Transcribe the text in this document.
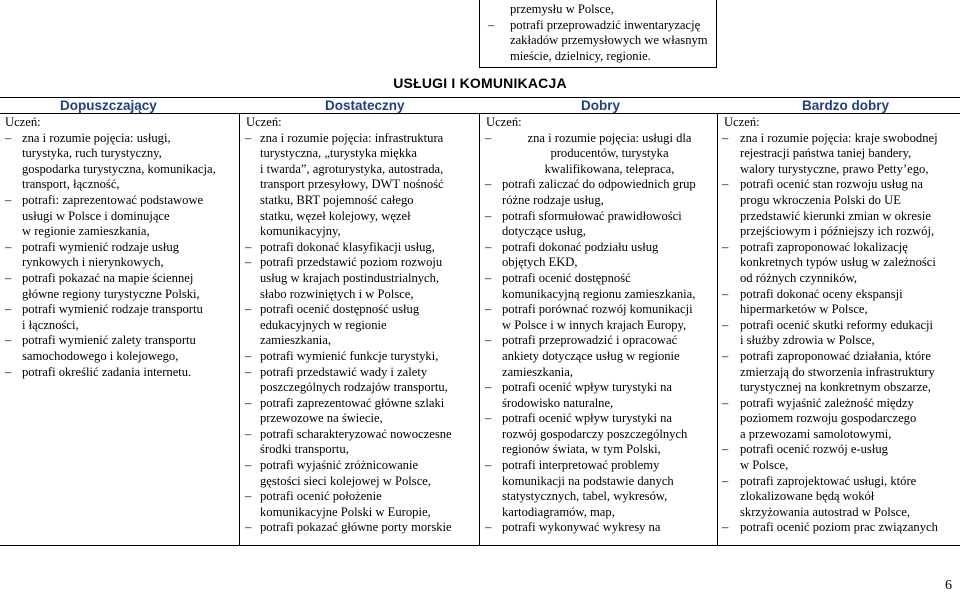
przemysłu w Polsce,
– potrafi przeprowadzić inwentaryzację
zakładów przemysłowych we własnym
mieście, dzielnicy, regionie.
USŁUGI I KOMUNIKACJA
Dopuszczający	Dostateczny	Dobry	Bardzo dobry
Uczeń:
– zna i rozumie pojęcia: usługi,
turystyka, ruch turystyczny,
gospodarka turystyczna, komunikacja,
transport, łączność,
– potrafi: zaprezentować podstawowe
usługi w Polsce i dominujące
w regionie zamieszkania,
– potrafi wymienić rodzaje usług
rynkowych i nierynkowych,
– potrafi pokazać na mapie ściennej
główne regiony turystyczne Polski,
– potrafi wymienić rodzaje transportu
i łączności,
– potrafi wymienić zalety transportu
samochodowego i kolejowego,
– potrafi określić zadania internetu.
Uczeń:
– zna i rozumie pojęcia: infrastruktura
turystyczna, „turystyka miękka
i twarda”, agroturystyka, autostrada,
transport przesyłowy, DWT nośność
statku, BRT pojemność całego
statku, węzeł kolejowy, węzeł
komunikacyjny,
– potrafi dokonać klasyfikacji usług,
– potrafi przedstawić poziom rozwoju
usług w krajach postindustrialnych,
słabo rozwiniętych i w Polsce,
– potrafi ocenić dostępność usług
edukacyjnych w regionie
zamieszkania,
– potrafi wymienić funkcje turystyki,
– potrafi przedstawić wady i zalety
poszczególnych rodzajów transportu,
– potrafi zaprezentować główne szlaki
przewozowe na świecie,
– potrafi scharakteryzować nowoczesne
środki transportu,
– potrafi wyjaśnić zróżnicowanie
gęstości sieci kolejowej w Polsce,
– potrafi ocenić położenie
komunikacyjne Polski w Europie,
– potrafi pokazać główne porty morskie
Uczeń:
– zna i rozumie pojęcia: usługi dla
producentów, turystyka
kwalifikowana, telepraca,
– potrafi zaliczać do odpowiednich grup
różne rodzaje usług,
– potrafi sformułować prawidłowości
dotyczące usług,
– potrafi dokonać podziału usług
objętych EKD,
– potrafi ocenić dostępność
komunikacyjną regionu zamieszkania,
– potrafi porównać rozwój komunikacji
w Polsce i w innych krajach Europy,
– potrafi przeprowadzić i opracować
ankiety dotyczące usług w regionie
zamieszkania,
– potrafi ocenić wpływ turystyki na
środowisko naturalne,
– potrafi ocenić wpływ turystyki na
rozwój gospodarczy poszczególnych
regionów świata, w tym Polski,
– potrafi interpretować problemy
komunikacji na podstawie danych
statystycznych, tabel, wykresów,
kartodiagramów, map,
– potrafi wykonywać wykresy na
Uczeń:
– zna i rozumie pojęcia: kraje swobodnej
rejestracji państwa taniej bandery,
walory turystyczne, prawo Petty’ego,
– potrafi ocenić stan rozwoju usług na
progu wkroczenia Polski do UE
przedstawić kierunki zmian w okresie
przejściowym i późniejszy ich rozwój,
– potrafi zaproponować lokalizację
konkretnych typów usług w zależności
od różnych czynników,
– potrafi dokonać oceny ekspansji
hipermarketów w Polsce,
– potrafi ocenić skutki reformy edukacji
i służby zdrowia w Polsce,
– potrafi zaproponować działania, które
zmierzają do stworzenia infrastruktury
turystycznej na konkretnym obszarze,
– potrafi wyjaśnić zależność między
poziomem rozwoju gospodarczego
a przewozami samolotowymi,
– potrafi ocenić rozwój e-usług
w Polsce,
– potrafi zaprojektować usługi, które
zlokalizowane będą wokół
skrzyżowania autostrad w Polsce,
– potrafi ocenić poziom prac związanych
6
